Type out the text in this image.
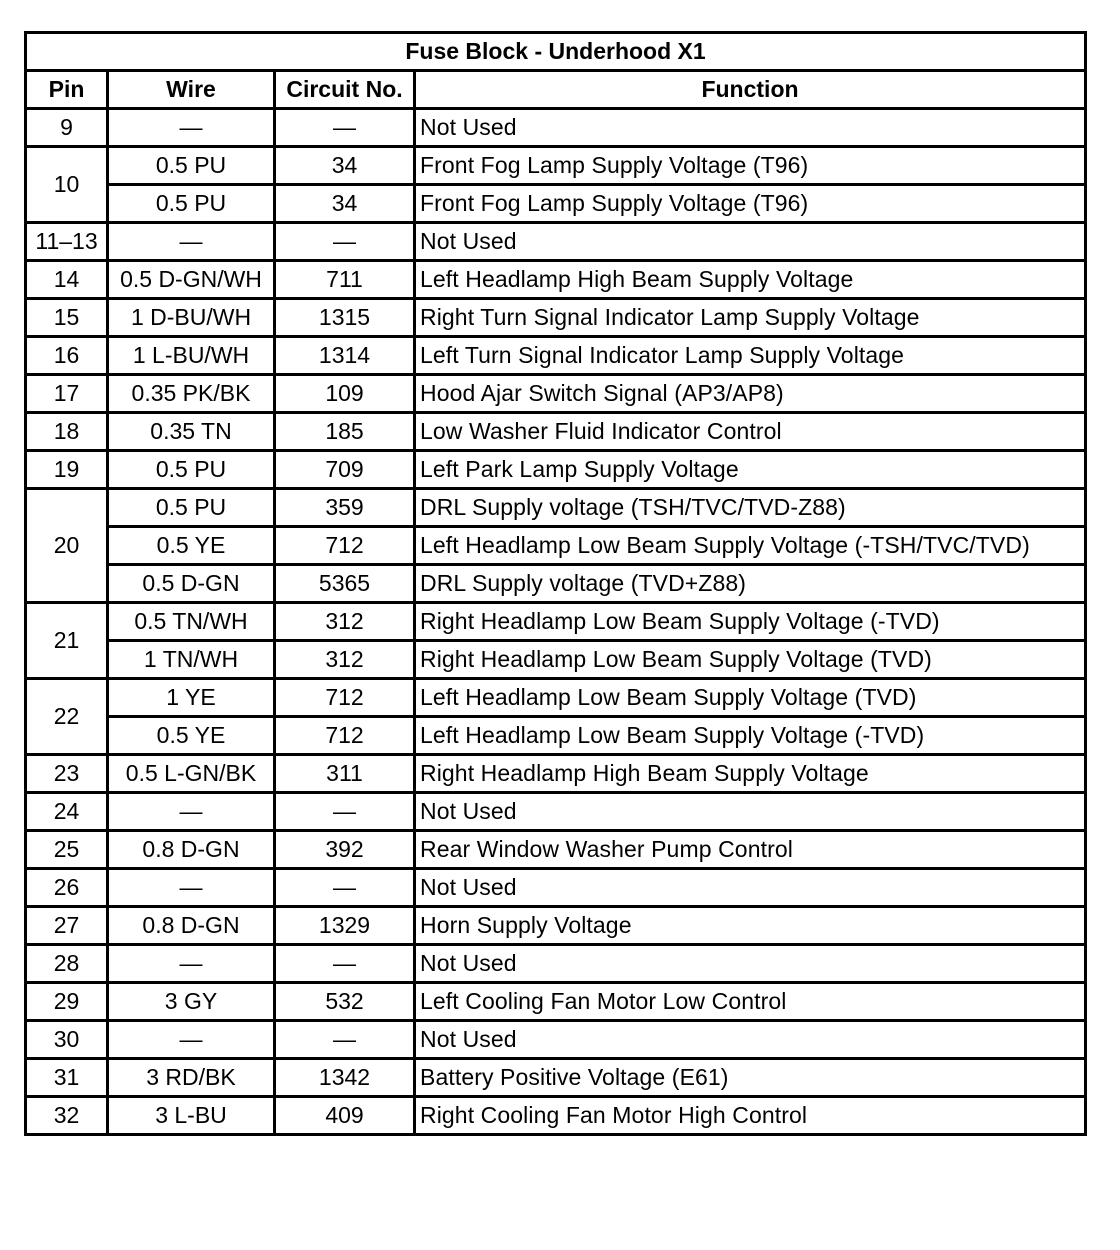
Fuse Block - Underhood X1			
Pin	Wire	Circuit No.	Function
9	—	—	Not Used
10	0.5 PU	34	Front Fog Lamp Supply Voltage (T96)
	0.5 PU	34	Front Fog Lamp Supply Voltage (T96)
11–13	—	—	Not Used
14	0.5 D-GN/WH	711	Left Headlamp High Beam Supply Voltage
15	1 D-BU/WH	1315	Right Turn Signal Indicator Lamp Supply Voltage
16	1 L-BU/WH	1314	Left Turn Signal Indicator Lamp Supply Voltage
17	0.35 PK/BK	109	Hood Ajar Switch Signal (AP3/AP8)
18	0.35 TN	185	Low Washer Fluid Indicator Control
19	0.5 PU	709	Left Park Lamp Supply Voltage
20	0.5 PU	359	DRL Supply voltage (TSH/TVC/TVD-Z88)
	0.5 YE	712	Left Headlamp Low Beam Supply Voltage (-TSH/TVC/TVD)
	0.5 D-GN	5365	DRL Supply voltage (TVD+Z88)
21	0.5 TN/WH	312	Right Headlamp Low Beam Supply Voltage (-TVD)
	1 TN/WH	312	Right Headlamp Low Beam Supply Voltage (TVD)
22	1 YE	712	Left Headlamp Low Beam Supply Voltage (TVD)
	0.5 YE	712	Left Headlamp Low Beam Supply Voltage (-TVD)
23	0.5 L-GN/BK	311	Right Headlamp High Beam Supply Voltage
24	—	—	Not Used
25	0.8 D-GN	392	Rear Window Washer Pump Control
26	—	—	Not Used
27	0.8 D-GN	1329	Horn Supply Voltage
28	—	—	Not Used
29	3 GY	532	Left Cooling Fan Motor Low Control
30	—	—	Not Used
31	3 RD/BK	1342	Battery Positive Voltage (E61)
32	3 L-BU	409	Right Cooling Fan Motor High Control
